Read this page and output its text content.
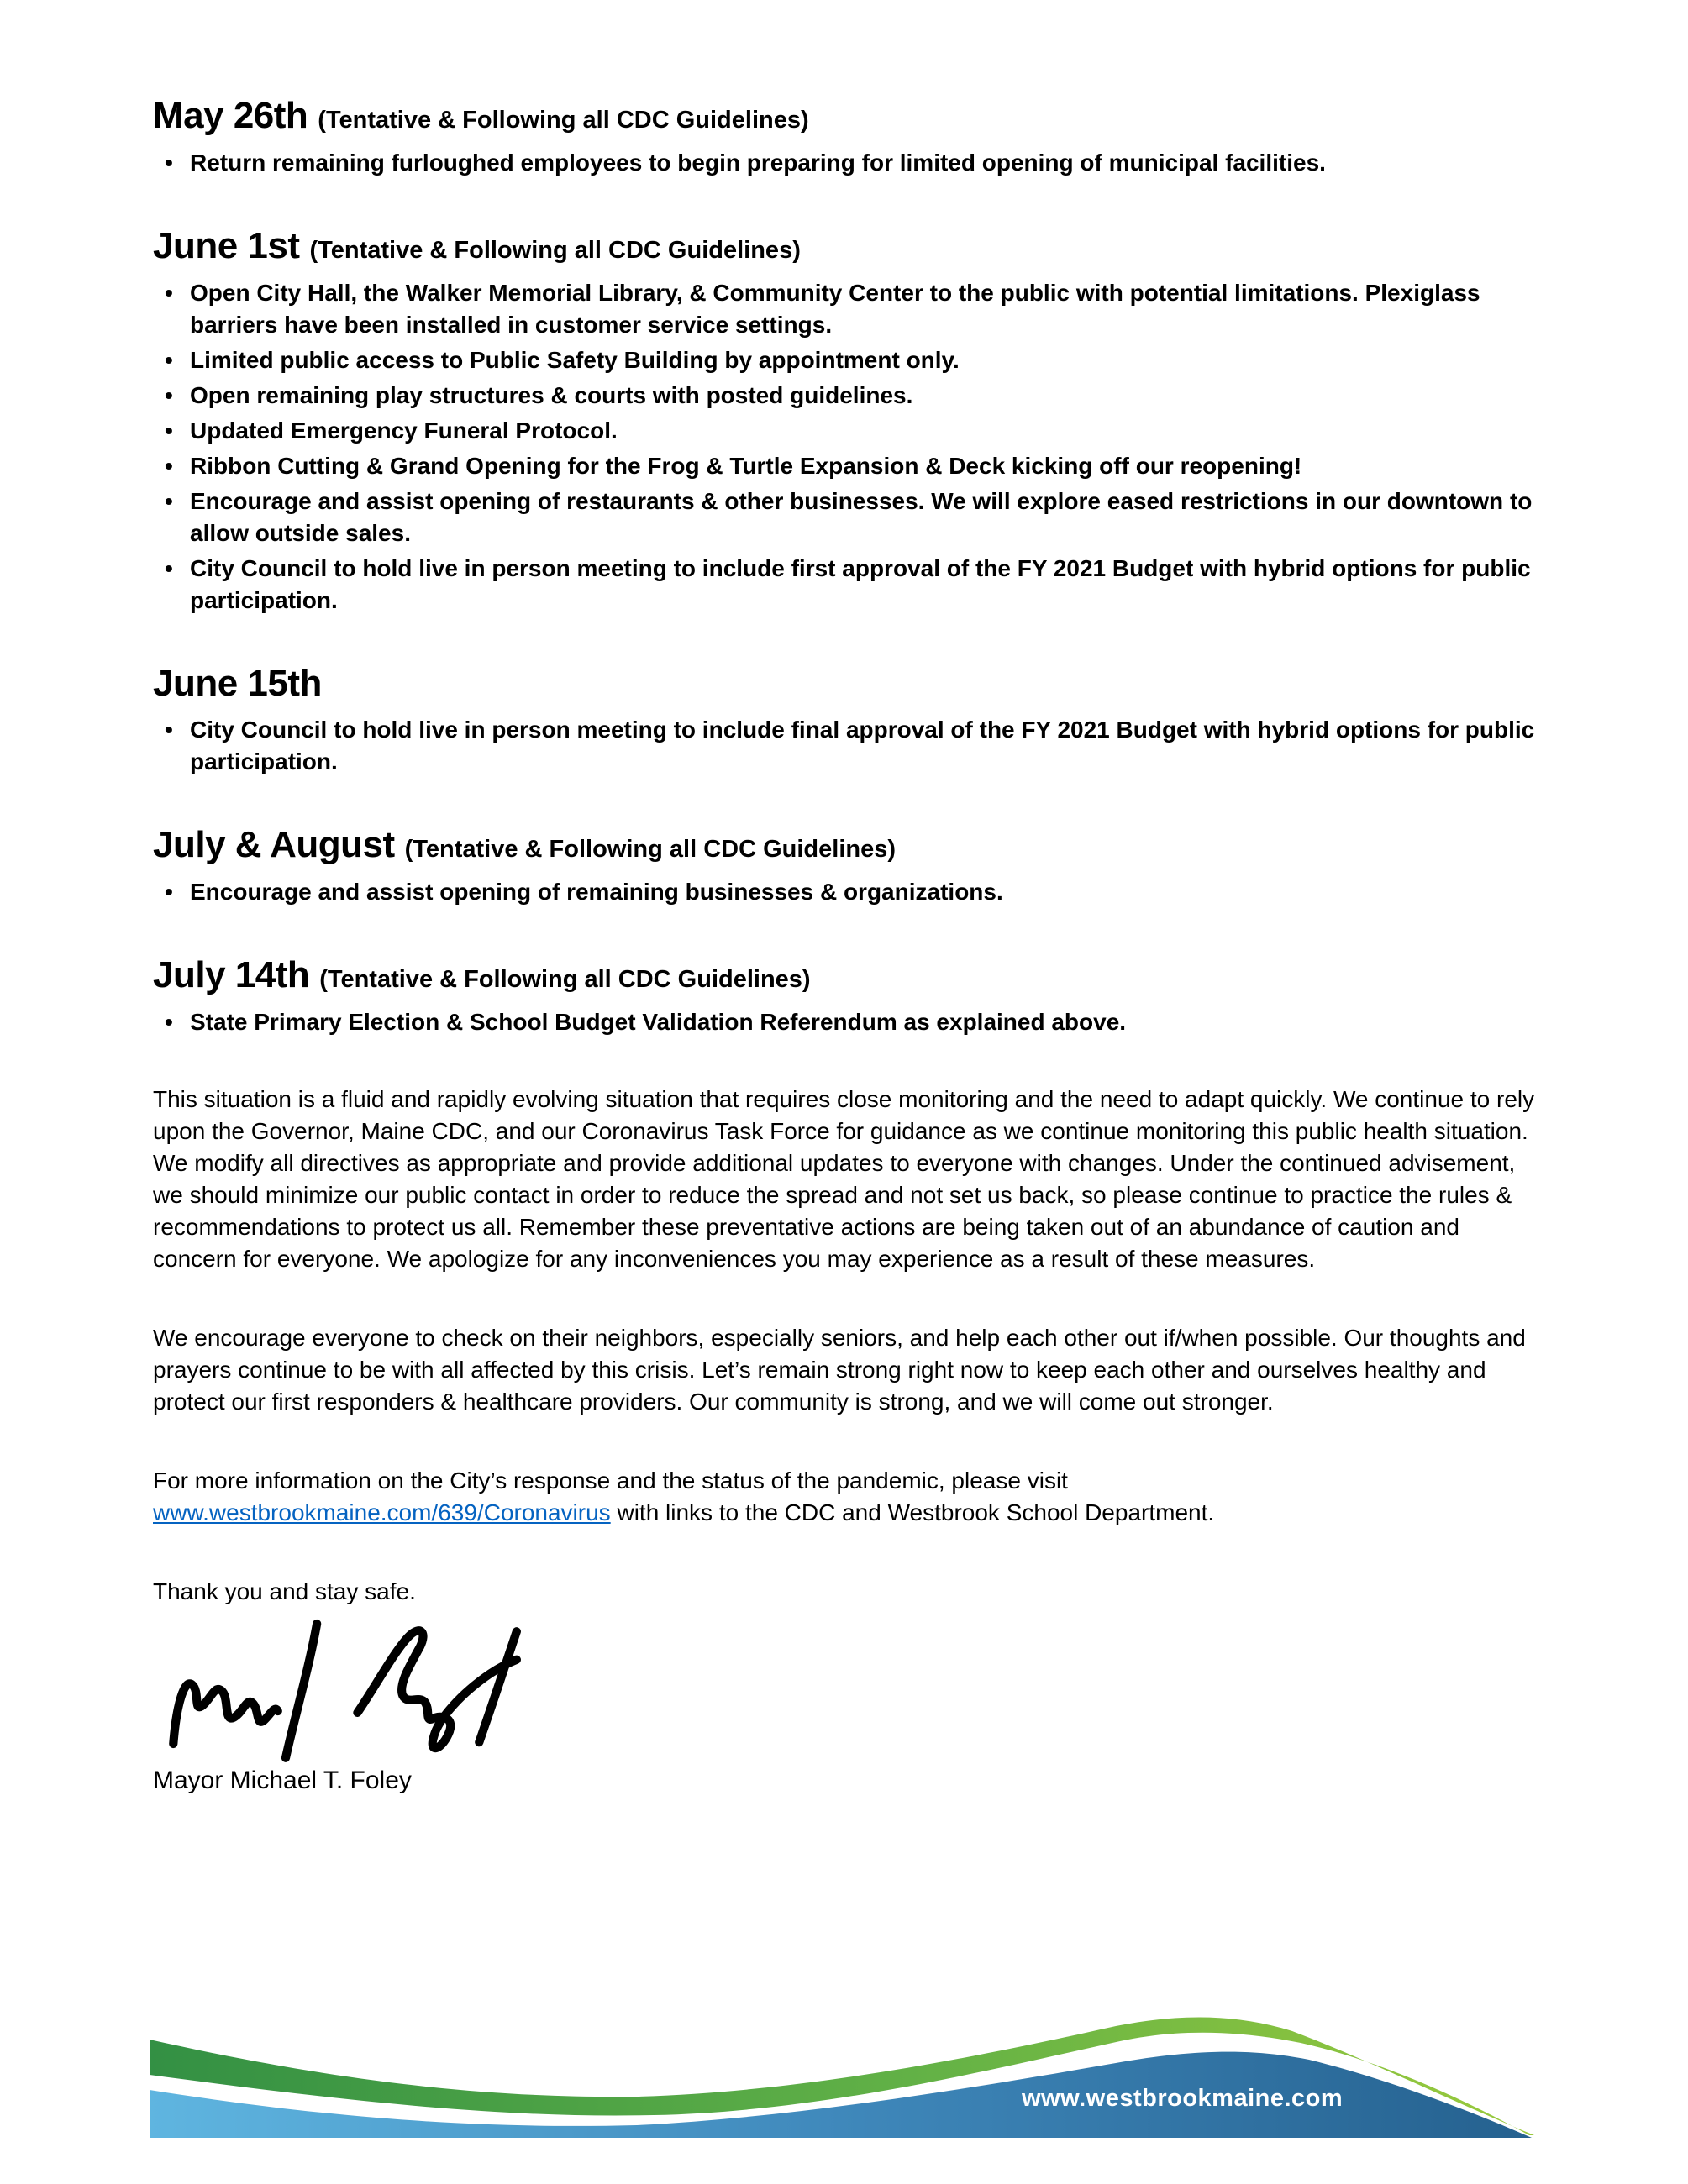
May 26th (Tentative & Following all CDC Guidelines)
• Return remaining furloughed employees to begin preparing for limited opening of municipal facilities.
June 1st (Tentative & Following all CDC Guidelines)
• Open City Hall, the Walker Memorial Library, & Community Center to the public with potential limitations. Plexiglass barriers have been installed in customer service settings.
• Limited public access to Public Safety Building by appointment only.
• Open remaining play structures & courts with posted guidelines.
• Updated Emergency Funeral Protocol.
• Ribbon Cutting & Grand Opening for the Frog & Turtle Expansion & Deck kicking off our reopening!
• Encourage and assist opening of restaurants & other businesses. We will explore eased restrictions in our downtown to allow outside sales.
• City Council to hold live in person meeting to include first approval of the FY 2021 Budget with hybrid options for public participation.
June 15th
• City Council to hold live in person meeting to include final approval of the FY 2021 Budget with hybrid options for public participation.
July & August (Tentative & Following all CDC Guidelines)
• Encourage and assist opening of remaining businesses & organizations.
July 14th (Tentative & Following all CDC Guidelines)
• State Primary Election & School Budget Validation Referendum as explained above.

This situation is a fluid and rapidly evolving situation that requires close monitoring and the need to adapt quickly. We continue to rely upon the Governor, Maine CDC, and our Coronavirus Task Force for guidance as we continue monitoring this public health situation. We modify all directives as appropriate and provide additional updates to everyone with changes. Under the continued advisement, we should minimize our public contact in order to reduce the spread and not set us back, so please continue to practice the rules & recommendations to protect us all. Remember these preventative actions are being taken out of an abundance of caution and concern for everyone. We apologize for any inconveniences you may experience as a result of these measures.

We encourage everyone to check on their neighbors, especially seniors, and help each other out if/when possible. Our thoughts and prayers continue to be with all affected by this crisis. Let’s remain strong right now to keep each other and ourselves healthy and protect our first responders & healthcare providers. Our community is strong, and we will come out stronger.

For more information on the City’s response and the status of the pandemic, please visit
www.westbrookmaine.com/639/Coronavirus with links to the CDC and Westbrook School Department.

Thank you and stay safe.

Mayor Michael T. Foley
www.westbrookmaine.com
